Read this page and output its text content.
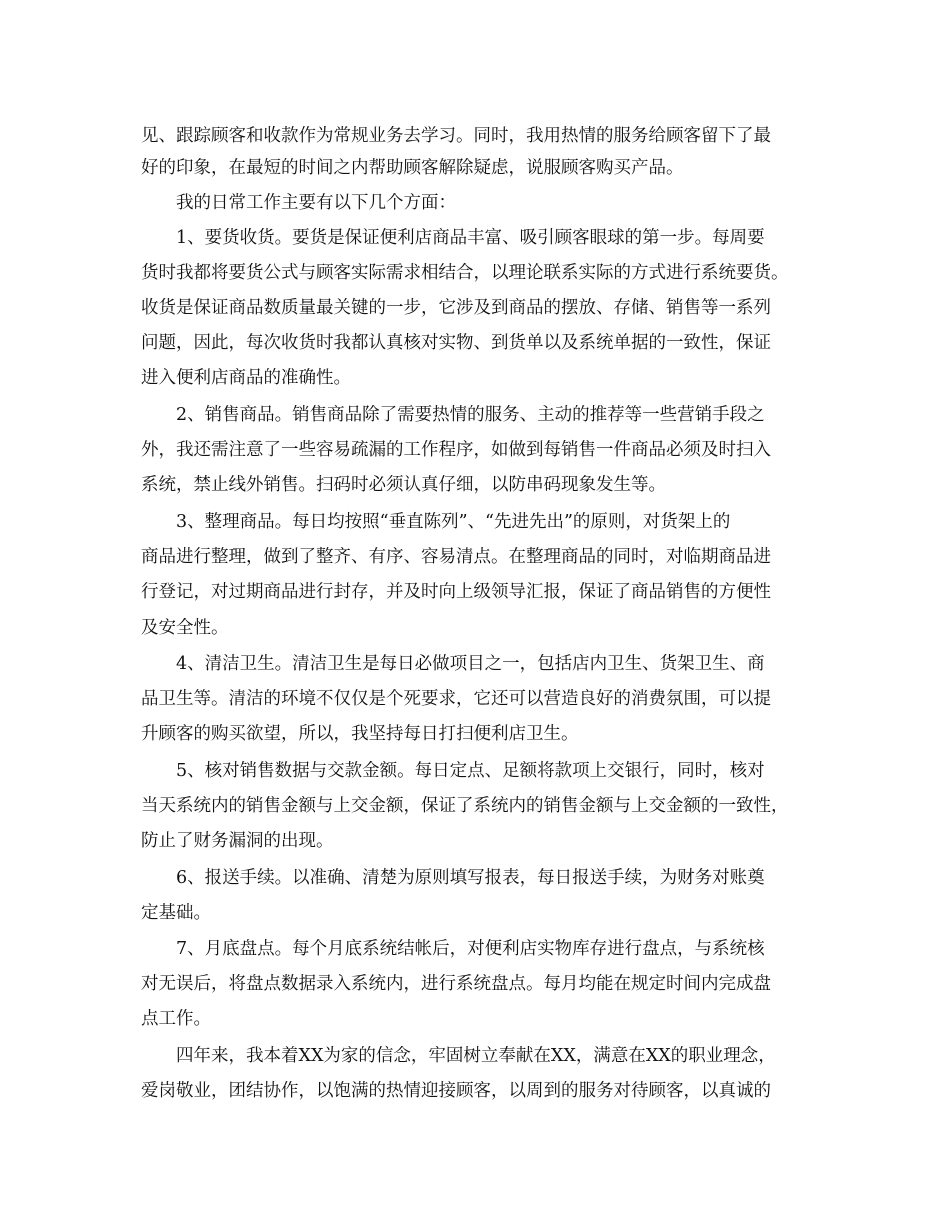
见、跟踪顾客和收款作为常规业务去学习。同时，我用热情的服务给顾客留下了最
好的印象，在最短的时间之内帮助顾客解除疑虑，说服顾客购买产品。
我的日常工作主要有以下几个方面：
1、要货收货。要货是保证便利店商品丰富、吸引顾客眼球的第一步。每周要
货时我都将要货公式与顾客实际需求相结合，以理论联系实际的方式进行系统要货。
收货是保证商品数质量最关键的一步，它涉及到商品的摆放、存储、销售等一系列
问题，因此，每次收货时我都认真核对实物、到货单以及系统单据的一致性，保证
进入便利店商品的准确性。
2、销售商品。销售商品除了需要热情的服务、主动的推荐等一些营销手段之
外，我还需注意了一些容易疏漏的工作程序，如做到每销售一件商品必须及时扫入
系统，禁止线外销售。扫码时必须认真仔细，以防串码现象发生等。
3、整理商品。每日均按照“垂直陈列”、“先进先出”的原则，对货架上的
商品进行整理，做到了整齐、有序、容易清点。在整理商品的同时，对临期商品进
行登记，对过期商品进行封存，并及时向上级领导汇报，保证了商品销售的方便性
及安全性。
4、清洁卫生。清洁卫生是每日必做项目之一，包括店内卫生、货架卫生、商
品卫生等。清洁的环境不仅仅是个死要求，它还可以营造良好的消费氛围，可以提
升顾客的购买欲望，所以，我坚持每日打扫便利店卫生。
5、核对销售数据与交款金额。每日定点、足额将款项上交银行，同时，核对
当天系统内的销售金额与上交金额，保证了系统内的销售金额与上交金额的一致性，
防止了财务漏洞的出现。
6、报送手续。以准确、清楚为原则填写报表，每日报送手续，为财务对账奠
定基础。
7、月底盘点。每个月底系统结帐后，对便利店实物库存进行盘点，与系统核
对无误后，将盘点数据录入系统内，进行系统盘点。每月均能在规定时间内完成盘
点工作。
四年来，我本着XX为家的信念，牢固树立奉献在XX，满意在XX的职业理念，
爱岗敬业，团结协作，以饱满的热情迎接顾客，以周到的服务对待顾客，以真诚的
